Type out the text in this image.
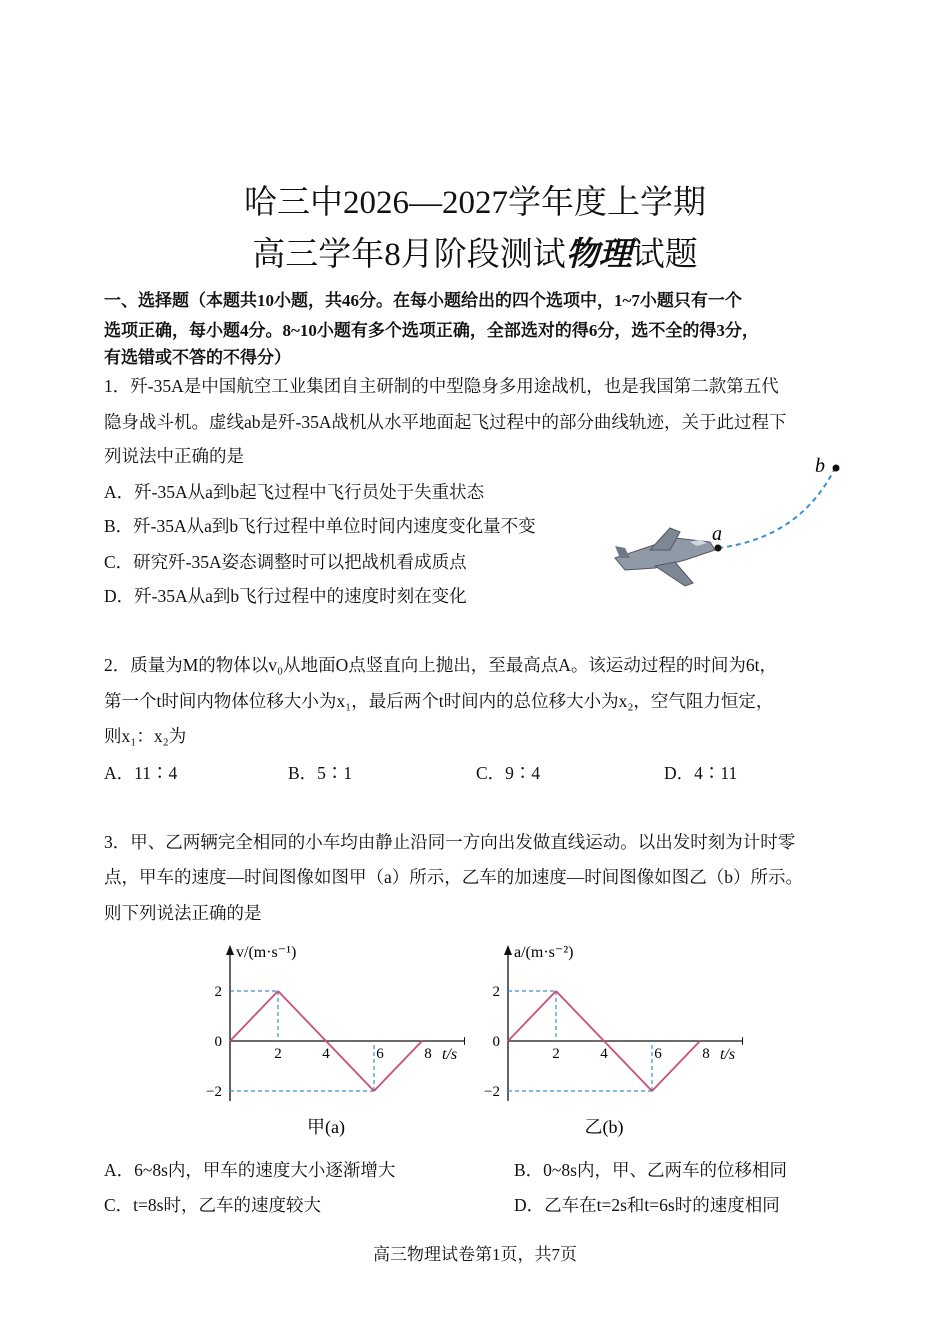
哈三中2026—2027学年度上学期
高三学年8月阶段测试物理试题
一、选择题（本题共10小题，共46分。在每小题给出的四个选项中，1~7小题只有一个
选项正确，每小题4分。8~10小题有多个选项正确，全部选对的得6分，选不全的得3分，
有选错或不答的不得分）
1．歼-35A是中国航空工业集团自主研制的中型隐身多用途战机，也是我国第二款第五代
隐身战斗机。虚线ab是歼-35A战机从水平地面起飞过程中的部分曲线轨迹，关于此过程下
列说法中正确的是
A．歼-35A从a到b起飞过程中飞行员处于失重状态
B．歼-35A从a到b飞行过程中单位时间内速度变化量不变
C．研究歼-35A姿态调整时可以把战机看成质点
D．歼-35A从a到b飞行过程中的速度时刻在变化
a
b
2．质量为M的物体以v₀从地面O点竖直向上抛出，至最高点A。该运动过程的时间为6t，
第一个t时间内物体位移大小为x₁，最后两个t时间内的总位移大小为x₂，空气阻力恒定，
则x₁：x₂为
A．11∶4	B．5∶1	C．9∶4	D．4∶11
3．甲、乙两辆完全相同的小车均由静止沿同一方向出发做直线运动。以出发时刻为计时零
点，甲车的速度—时间图像如图甲（a）所示，乙车的加速度—时间图像如图乙（b）所示。
则下列说法正确的是
2
0
−2
2	4	6	8 t/s
v/(m·s⁻¹)
甲(a)
2
0
−2
2	4	6	8 t/s
a/(m·s⁻²)
乙(b)
A．6~8s内，甲车的速度大小逐渐增大	B．0~8s内，甲、乙两车的位移相同
C．t=8s时，乙车的速度较大	D．乙车在t=2s和t=6s时的速度相同
高三物理试卷第1页，共7页
